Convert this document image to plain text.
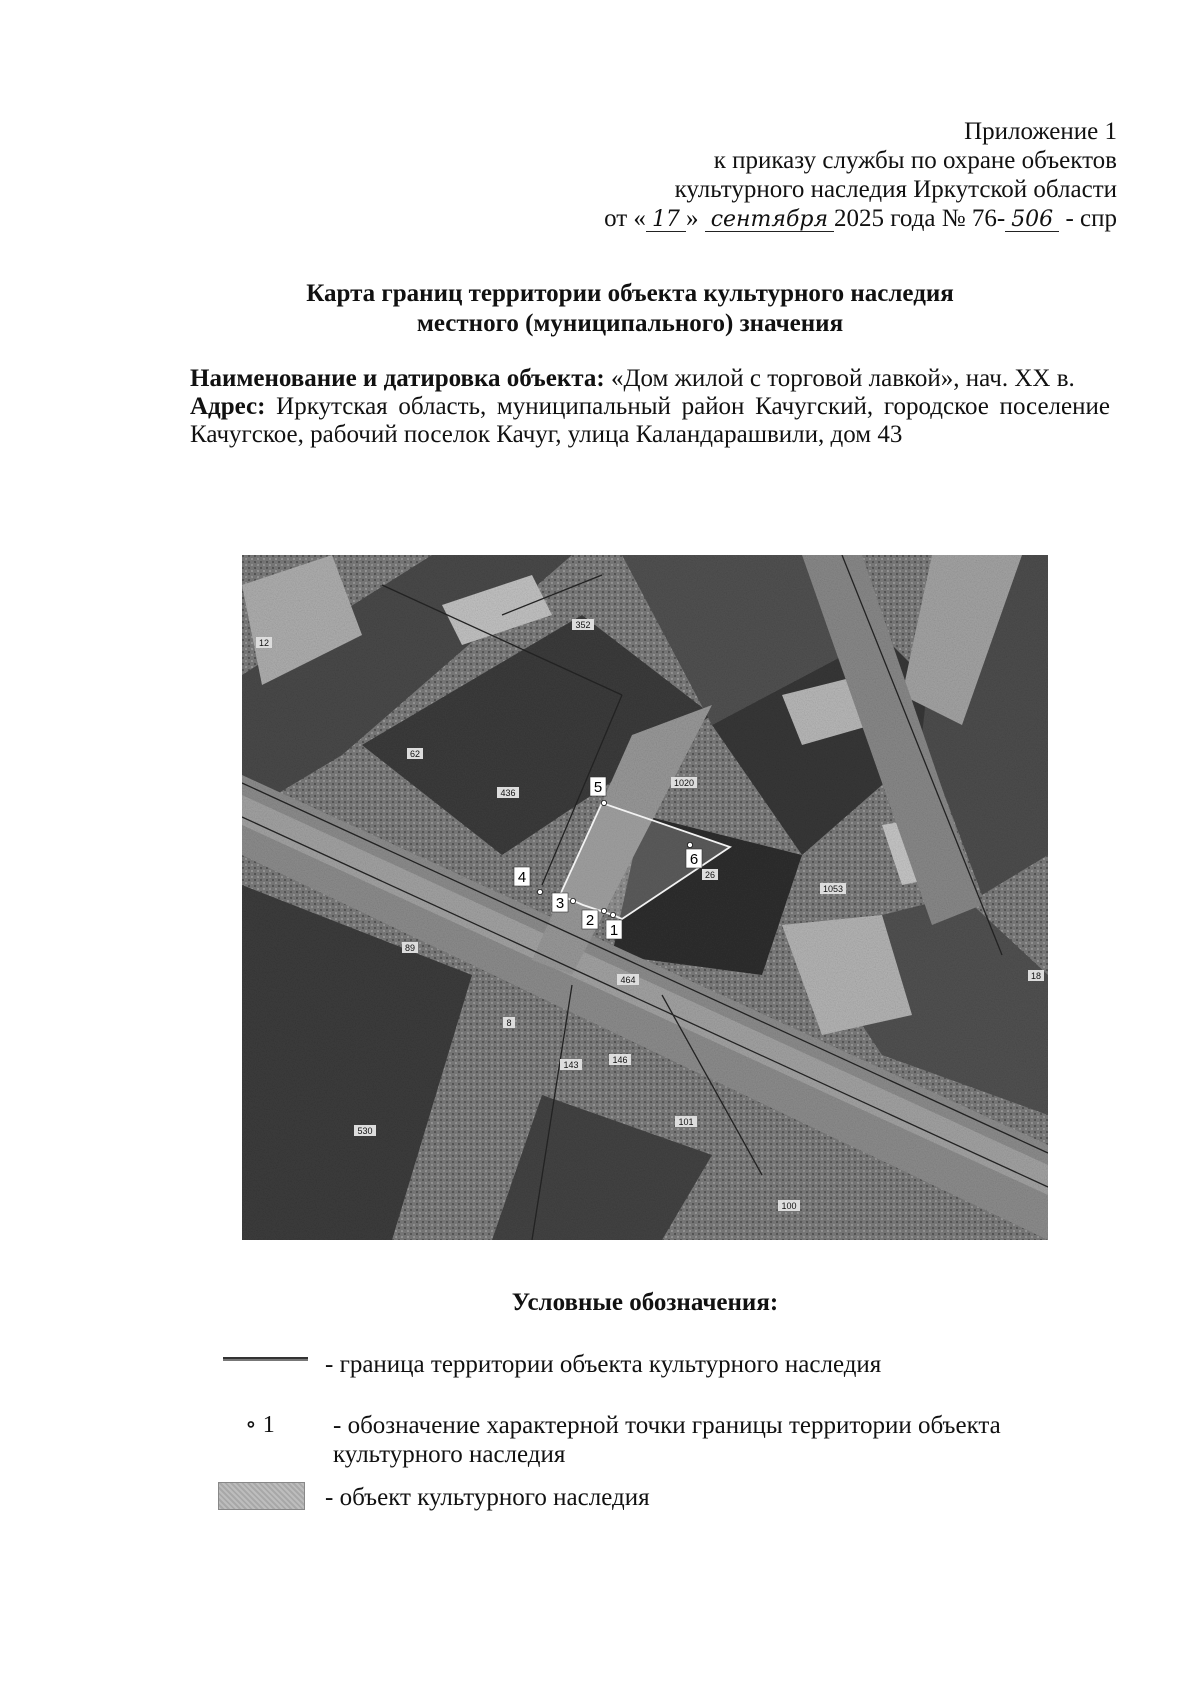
Приложение 1
к приказу службы по охране объектов
культурного наследия Иркутской области
от « 17 » сентября 2025 года № 76- 506 - спр
Карта границ территории объекта культурного наследия
местного (муниципального) значения

Наименование и датировка объекта: «Дом жилой с торговой лавкой», нач. XX в.

Адрес: Иркутская область, муниципальный район Качугский, городское поселение Качугское, рабочий поселок Качуг, улица Каландарашвили, дом 43

1
2
3
4
5
6
352
12
62
436
1020
26
1053
89
464
8
143	146
101
530
100
18
Условные обозначения:
- граница территории объекта культурного наследия
∘ 1 - обозначение характерной точки границы территории объекта культурного наследия
- объект культурного наследия
